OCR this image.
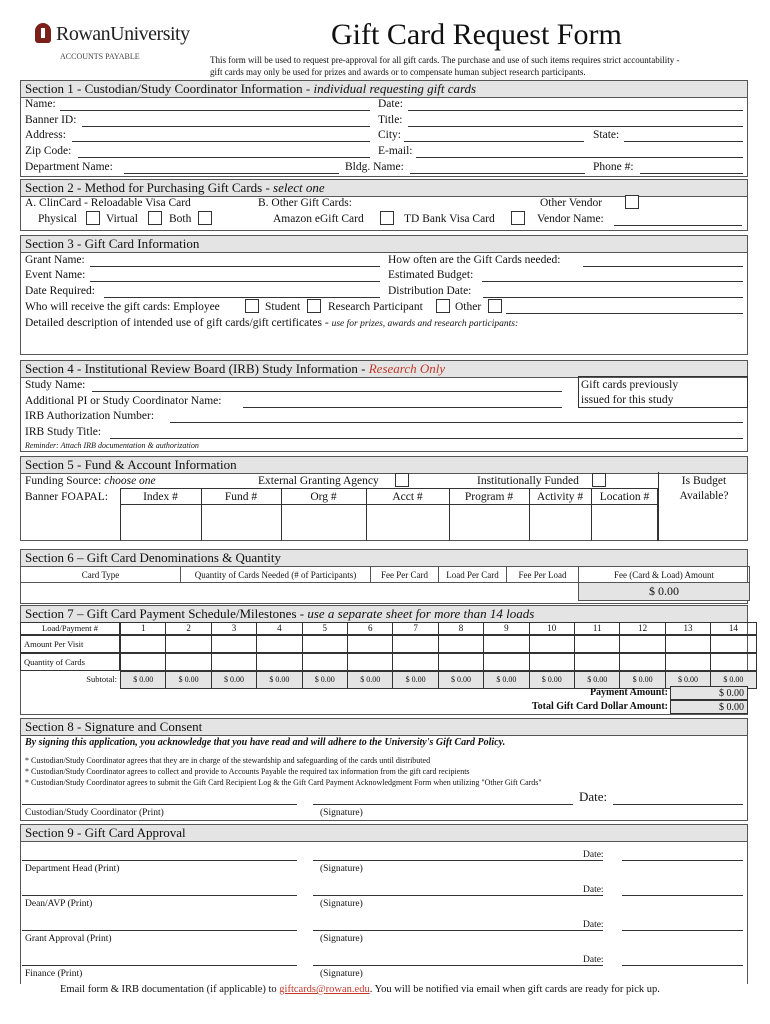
RowanUniversity
ACCOUNTS PAYABLE
Gift Card Request Form
This form will be used to request pre-approval for all gift cards. The purchase and use of such items requires strict accountability -
gift cards may only be used for prizes and awards or to compensate human subject research participants.
Section 1 - Custodian/Study Coordinator Information - individual requesting gift cards
Name:	Date:
Banner ID:	Title:
Address:	City:	State:
Zip Code:	E-mail:
Department Name:	Bldg. Name:	Phone #:
Section 2 - Method for Purchasing Gift Cards - select one
A. ClinCard - Reloadable Visa Card
Physical	Virtual	Both
B. Other Gift Cards:
Amazon eGift Card	TD Bank Visa Card
Other Vendor
Vendor Name:
Section 3 - Gift Card Information
Grant Name:	How often are the Gift Cards needed:
Event Name:	Estimated Budget:
Date Required:	Distribution Date:
Who will receive the gift cards: Employee	Student Research Participant	Other
Detailed description of intended use of gift cards/gift certificates - use for prizes, awards and research participants:
Section 4 - Institutional Review Board (IRB) Study Information - Research Only
Study Name:
Additional PI or Study Coordinator Name:
IRB Authorization Number:
IRB Study Title:
Gift cards previously
issued for this study
Reminder: Attach IRB documentation & authorization
Section 5 - Fund & Account Information
Funding Source: choose one	External Granting Agency	Institutionally Funded	Is Budget
Available?
Banner FOAPAL:	Index #	Fund #	Org #	Acct #	Program #	Activity #	Location #
Section 6 – Gift Card Denominations & Quantity
Card Type	Quantity of Cards Needed (# of Participants)	Fee Per Card	Load Per Card	Fee Per Load	Fee (Card & Load) Amount
					$ 0.00
Section 7 – Gift Card Payment Schedule/Milestones - use a separate sheet for more than 14 loads
Load/Payment #	1	2	3	4	5	6	7	8	9	10	11	12	13	14
Amount Per Visit
Quantity of Cards
Subtotal:	$ 0.00	$ 0.00	$ 0.00	$ 0.00	$ 0.00	$ 0.00	$ 0.00	$ 0.00	$ 0.00	$ 0.00	$ 0.00	$ 0.00	$ 0.00	$ 0.00
Payment Amount:	$ 0.00
Total Gift Card Dollar Amount:	$ 0.00
Section 8 - Signature and Consent
By signing this application, you acknowledge that you have read and will adhere to the University's Gift Card Policy.
* Custodian/Study Coordinator agrees that they are in charge of the stewardship and safeguarding of the cards until distributed
* Custodian/Study Coordinator agrees to collect and provide to Accounts Payable the required tax information from the gift card recipients
* Custodian/Study Coordinator agrees to submit the Gift Card Recipient Log & the Gift Card Payment Acknowledgment Form when utilizing "Other Gift Cards"
Date:
Custodian/Study Coordinator (Print)	(Signature)
Section 9 - Gift Card Approval
Date:
Department Head (Print)	(Signature)
Date:
Dean/AVP (Print)	(Signature)
Date:
Grant Approval (Print)	(Signature)
Date:
Finance (Print)	(Signature)
Email form & IRB documentation (if applicable) to giftcards@rowan.edu. You will be notified via email when gift cards are ready for pick up.
